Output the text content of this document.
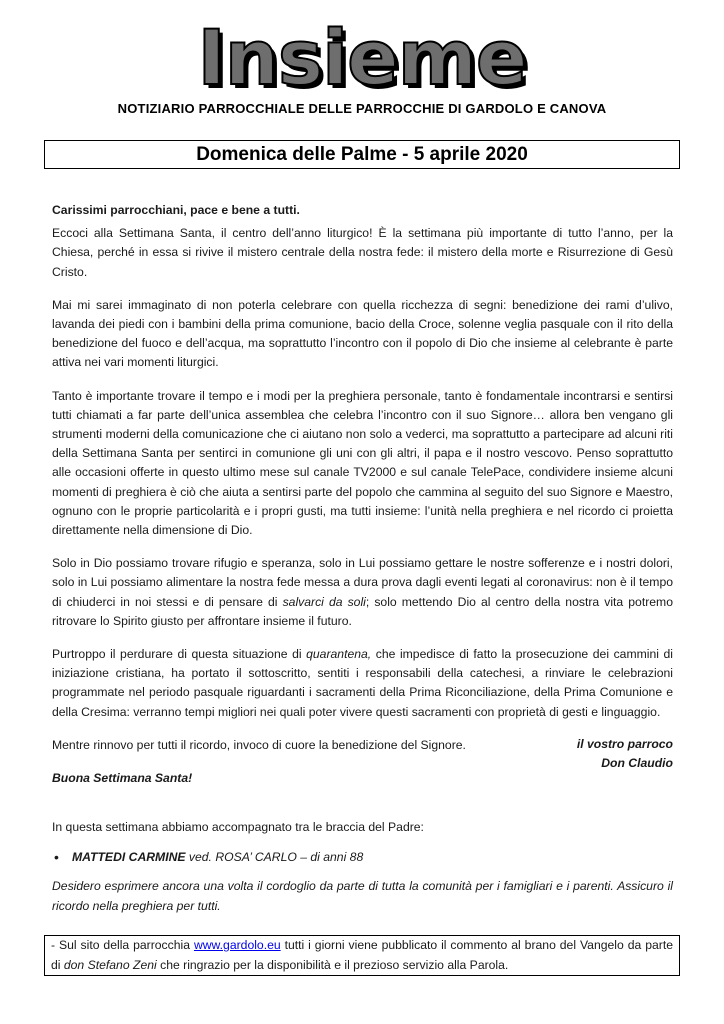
Insieme
NOTIZIARIO PARROCCHIALE DELLE PARROCCHIE DI GARDOLO E CANOVA
Domenica delle Palme - 5 aprile 2020

Carissimi parrocchiani, pace e bene a tutti.

Eccoci alla Settimana Santa, il centro dell’anno liturgico! È la settimana più importante di tutto l’anno, per la Chiesa, perché in essa si rivive il mistero centrale della nostra fede: il mistero della morte e Risurrezione di Gesù Cristo.

Mai mi sarei immaginato di non poterla celebrare con quella ricchezza di segni: benedizione dei rami d’ulivo, lavanda dei piedi con i bambini della prima comunione, bacio della Croce, solenne veglia pasquale con il rito della benedizione del fuoco e dell’acqua, ma soprattutto l’incontro con il popolo di Dio che insieme al celebrante è parte attiva nei vari momenti liturgici.

Tanto è importante trovare il tempo e i modi per la preghiera personale, tanto è fondamentale incontrarsi e sentirsi tutti chiamati a far parte dell’unica assemblea che celebra l’incontro con il suo Signore… allora ben vengano gli strumenti moderni della comunicazione che ci aiutano non solo a vederci, ma soprattutto a partecipare ad alcuni riti della Settimana Santa per sentirci in comunione gli uni con gli altri, il papa e il nostro vescovo. Penso soprattutto alle occasioni offerte in questo ultimo mese sul canale TV2000 e sul canale TelePace, condividere insieme alcuni momenti di preghiera è ciò che aiuta a sentirsi parte del popolo che cammina al seguito del suo Signore e Maestro, ognuno con le proprie particolarità e i propri gusti, ma tutti insieme: l’unità nella preghiera e nel ricordo ci proietta direttamente nella dimensione di Dio.

Solo in Dio possiamo trovare rifugio e speranza, solo in Lui possiamo gettare le nostre sofferenze e i nostri dolori, solo in Lui possiamo alimentare la nostra fede messa a dura prova dagli eventi legati al coronavirus: non è il tempo di chiuderci in noi stessi e di pensare di salvarci da soli; solo mettendo Dio al centro della nostra vita potremo ritrovare lo Spirito giusto per affrontare insieme il futuro.

Purtroppo il perdurare di questa situazione di quarantena, che impedisce di fatto la prosecuzione dei cammini di iniziazione cristiana, ha portato il sottoscritto, sentiti i responsabili della catechesi, a rinviare le celebrazioni programmate nel periodo pasquale riguardanti i sacramenti della Prima Riconciliazione, della Prima Comunione e della Cresima: verranno tempi migliori nei quali poter vivere questi sacramenti con proprietà di gesti e linguaggio.

Mentre rinnovo per tutti il ricordo, invoco di cuore la benedizione del Signore.

Buona Settimana Santa!

il vostro parroco
Don Claudio

In questa settimana abbiamo accompagnato tra le braccia del Padre:

• MATTEDI CARMINE ved. ROSA’ CARLO – di anni 88

Desidero esprimere ancora una volta il cordoglio da parte di tutta la comunità per i famigliari e i parenti. Assicuro il ricordo nella preghiera per tutti.

- Sul sito della parrocchia www.gardolo.eu tutti i giorni viene pubblicato il commento al brano del Vangelo da parte di don Stefano Zeni che ringrazio per la disponibilità e il prezioso servizio alla Parola.
